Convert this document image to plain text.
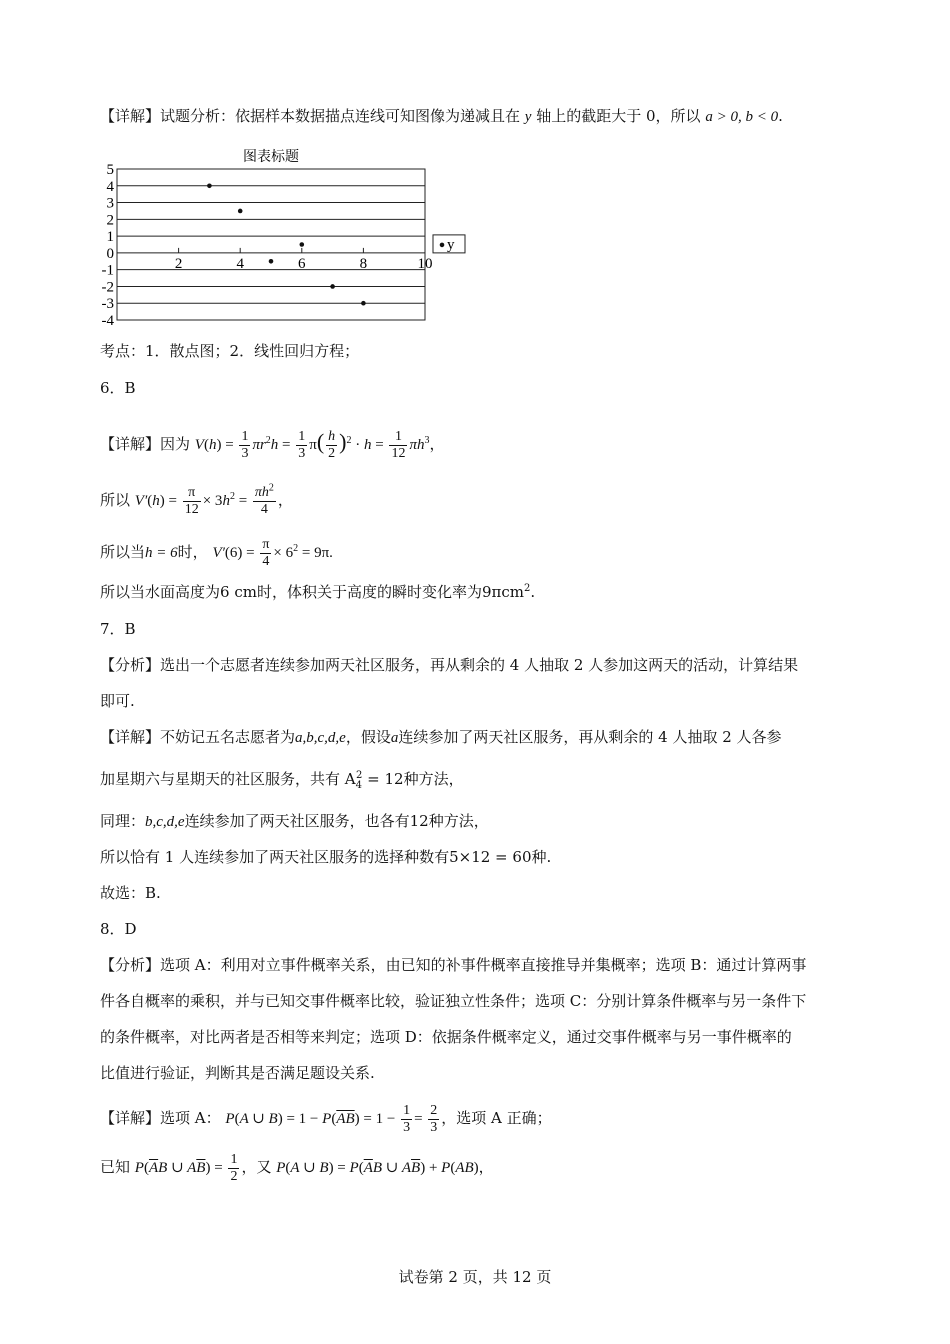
【详解】试题分析：依据样本数据描点连线可知图像为递减且在 y 轴上的截距大于 0，所以 a > 0, b < 0.
图表标题
5
4
3
2
1
0
-1
-2
-3
-4
2	4	6	8	10
y
考点：1．散点图；2．线性回归方程；
6．B
【详解】因为 $V(h) = \frac{1}{3} \pi r^2h = \frac{1}{3} \pi( \frac{h}{2} )^2 \cdot h = \frac{1}{12} \pi h^3$，
所以 $V'(h) = \frac{\pi}{12} \times 3h^2 = \frac{\pi h^2}{4}$ ，
所以当h = 6时， $V'(6) = \frac{\pi}{4} \times 6^2 = 9\pi$.
所以当水面高度为6 cm时，体积关于高度的瞬时变化率为9πcm$^2$.
7．B
【分析】选出一个志愿者连续参加两天社区服务，再从剩余的 4 人抽取 2 人参加这两天的活动，计算结果
即可.
【详解】不妨记五名志愿者为a,b,c,d,e，假设a连续参加了两天社区服务，再从剩余的 4 人抽取 2 人各参
加星期六与星期天的社区服务，共有 $A_4^2 = 12$种方法，
同理：b,c,d,e连续参加了两天社区服务，也各有12种方法，
所以恰有 1 人连续参加了两天社区服务的选择种数有5×12 = 60种.
故选：B.
8．D
【分析】选项 A：利用对立事件概率关系，由已知的补事件概率直接推导并集概率；选项 B：通过计算两事
件各自概率的乘积，并与已知交事件概率比较，验证独立性条件；选项 C：分别计算条件概率与另一条件下
的条件概率，对比两者是否相等来判定；选项 D：依据条件概率定义，通过交事件概率与另一事件概率的
比值进行验证，判断其是否满足题设关系.
【详解】选项 A： P(A ∪ $B) = 1 - P(\overline{AB}) = 1 - \frac{1}{3} = \frac{2}{3}$ ，选项 A 正确；
已知 $P(\overline{A}B$ ∪ $A\overline{B}) = \frac{1}{2}$ ，又 P(A ∪ $B) = P(\overline{A}B$ ∪ $A\overline{B}) + P(AB)$，
试卷第 2 页，共 12 页
